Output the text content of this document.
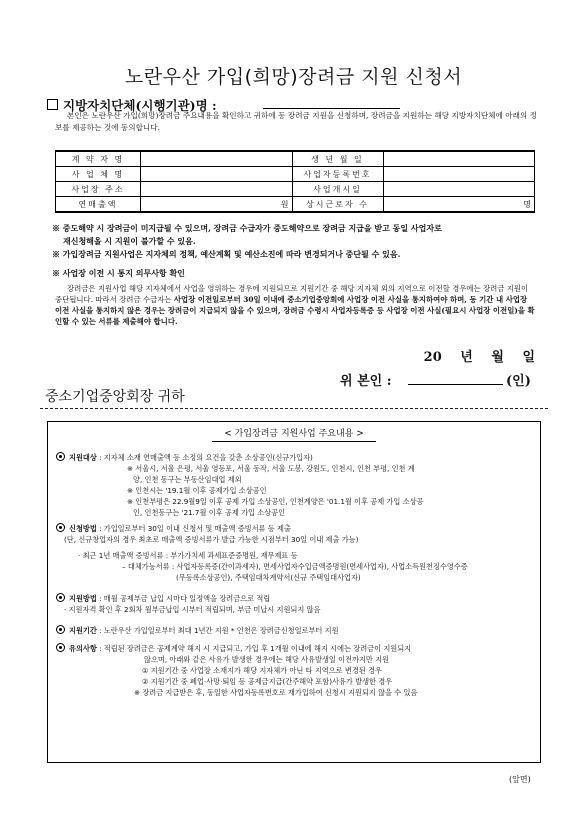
노란우산 가입(희망)장려금 지원 신청서
지방자치단체(시행기관)명 :
본인은 노란우산 가입(희망)장려금 주요내용을 확인하고 귀하에 동 장려금 지원을 신청하며, 장려금을 지원하는 해당 지방자치단체에 아래의 정보를 제공하는 것에 동의합니다.
계 약 자 명		생 년 월 일	
사 업 체 명		사업자등록번호	
사업장 주소		사업개시일	
연매출액	원	상시근로자 수	명

※ 중도해약 시 장려금이 미지급될 수 있으며, 장려금 수급자가 중도해약으로 장려금 지급을 받고 동일 사업자로

재신청해올 시 지원이 불가할 수 있음.

※ 가입장려금 지원사업은 지자체의 정책, 예산계획 및 예산소진에 따라 변경되거나 중단될 수 있음.

※ 사업장 이전 시 통지 의무사항 확인
장려금은 지원사업 해당 지자체에서 사업을 영위하는 경우에 지원되므로 지원기간 중 해당 지자체 외의 지역으로 이전할 경우에는 장려금 지원이 중단됩니다. 따라서 장려금 수급자는 사업장 이전일로부터 30일 이내에 중소기업중앙회에 사업장 이전 사실을 통지하여야 하며, 동 기간 내 사업장 이전 사실을 통지하지 않은 경우는 장려금이 지급되지 않을 수 있으며, 장려금 수령시 사업자등록증 등 사업장 이전 사실(필요시 사업장 이전일)을 확인할 수 있는 서류를 제출해야 합니다.
20 년 월 일
위 본인 :	(인)
중소기업중앙회장 귀하
< 가입장려금 지원사업 주요내용 >

지원대상 : 지자체 소재 연매출액 등 소정의 요건을 갖춘 소상공인(신규가입자)

※ 서울시, 서울 은평, 서울 영등포, 서울 동작, 서울 도봉, 강원도, 인천시, 인천 부평, 인천 계

양, 인천 동구는 부동산임대업 제외

※ 인천시는 '19.1월 이후 공제가입 소상공인

※ 인천부평은 22.9월9일 이후 공제 가입 소상공인, 인천계양은 '01.1월 이후 공제 가입 소상공

인, 인천동구는 '21.7월 이후 공제 가입 소상공인

신청방법 : 가입일로부터 30일 이내 신청서 및 매출액 증빙서류 등 제출

(단, 신규창업자의 경우 최초로 매출액 증빙서류가 발급 가능한 시점부터 30일 이내 제출 가능)

· 최근 1년 매출액 증빙서류 : 부가가치세 과세표준증명원, 재무제표 등

– 대체가능서류 : 사업자등록증(간이과세자), 면세사업자수입금액증명원(면세사업자), 사업소득원천징수영수증

(무등록소상공인), 주택임대차계약서(신규 주택임대사업자)

지원방법 : 매월 공제부금 납입 시마다 일정액을 장려금으로 적립

· 지원자격 확인 후 2회차 월부금납입 시부터 적립되며, 부금 미납시 지원되지 않음

지원기간 : 노란우산 가입일로부터 최대 1년간 지원 * 인천은 장려금신청일로부터 지원

유의사항 : 적립된 장려금은 공제계약 해지 시 지급되고, 가입 후 1개월 이내에 해지 시에는 장려금이 지원되지

않으며, 아래와 같은 사유가 발생한 경우에는 해당 사유발생일 이전까지만 지원

① 지원기간 중 사업장 소재지가 해당 지자체가 아닌 타 지역으로 변경된 경우

② 지원기간 중 폐업·사망·퇴임 등 공제금지급(간주해약 포함)사유가 발생한 경우

※ 장려금 지급받은 후, 동일한 사업자등록번호로 재가입하여 신청시 지원되지 않을 수 있음

(앞면)
